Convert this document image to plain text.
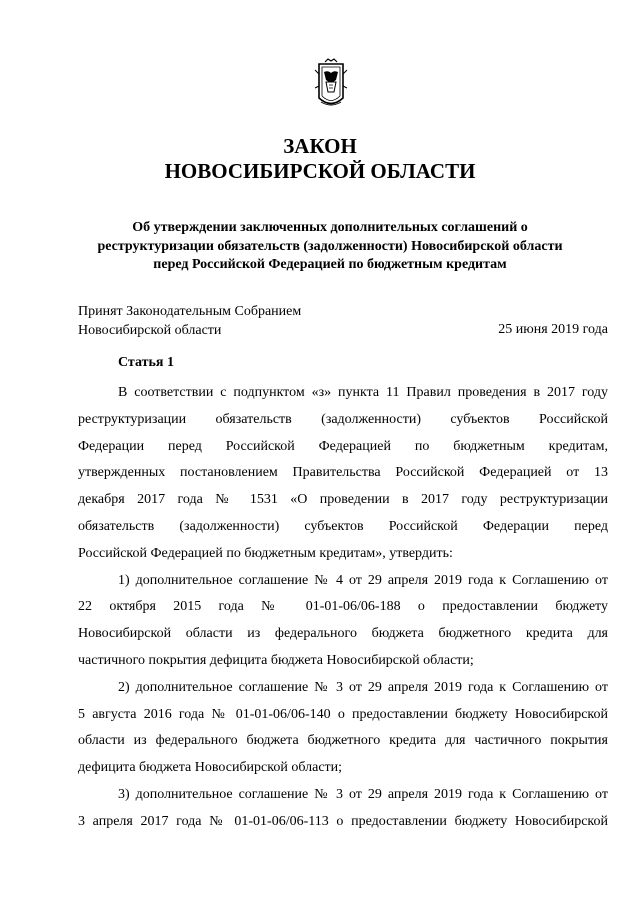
ЗАКОН
НОВОСИБИРСКОЙ ОБЛАСТИ
Об утверждении заключенных дополнительных соглашений о
реструктуризации обязательств (задолженности) Новосибирской области
перед Российской Федерацией по бюджетным кредитам
Принят Законодательным Собранием
Новосибирской области	25 июня 2019 года
Статья 1

В соответствии с подпунктом «з» пункта 11 Правил проведения в 2017 году
реструктуризации обязательств (задолженности) субъектов Российской
Федерации перед Российской Федерацией по бюджетным кредитам,
утвержденных постановлением Правительства Российской Федерацией от 13
декабря 2017 года № 1531 «О проведении в 2017 году реструктуризации
обязательств (задолженности) субъектов Российской Федерации перед
Российской Федерацией по бюджетным кредитам», утвердить:

1) дополнительное соглашение № 4 от 29 апреля 2019 года к Соглашению от
22 октября 2015 года № 01-01-06/06-188 о предоставлении бюджету
Новосибирской области из федерального бюджета бюджетного кредита для
частичного покрытия дефицита бюджета Новосибирской области;

2) дополнительное соглашение № 3 от 29 апреля 2019 года к Соглашению от
5 августа 2016 года № 01-01-06/06-140 о предоставлении бюджету Новосибирской
области из федерального бюджета бюджетного кредита для частичного покрытия
дефицита бюджета Новосибирской области;

3) дополнительное соглашение № 3 от 29 апреля 2019 года к Соглашению от
3 апреля 2017 года № 01-01-06/06-113 о предоставлении бюджету Новосибирской
